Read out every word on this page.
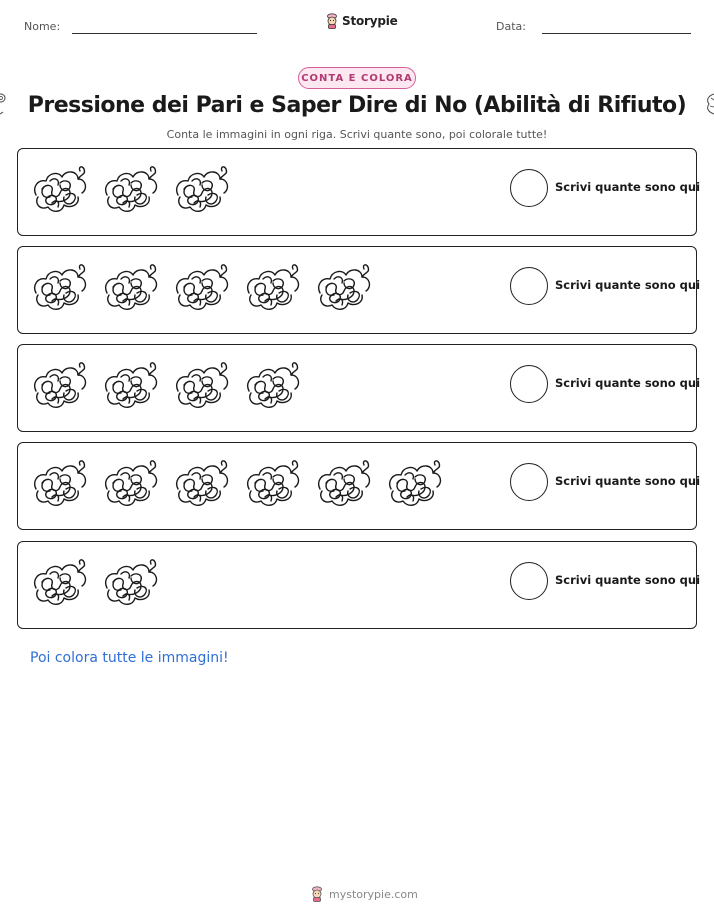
Nome:	Storypie	Data:
CONTA E COLORA
Pressione dei Pari e Saper Dire di No (Abilità di Rifiuto)
Conta le immagini in ogni riga. Scrivi quante sono, poi colorale tutte!
Scrivi quante sono qui
Scrivi quante sono qui
Scrivi quante sono qui
Scrivi quante sono qui
Scrivi quante sono qui
Poi colora tutte le immagini!
mystorypie.com
